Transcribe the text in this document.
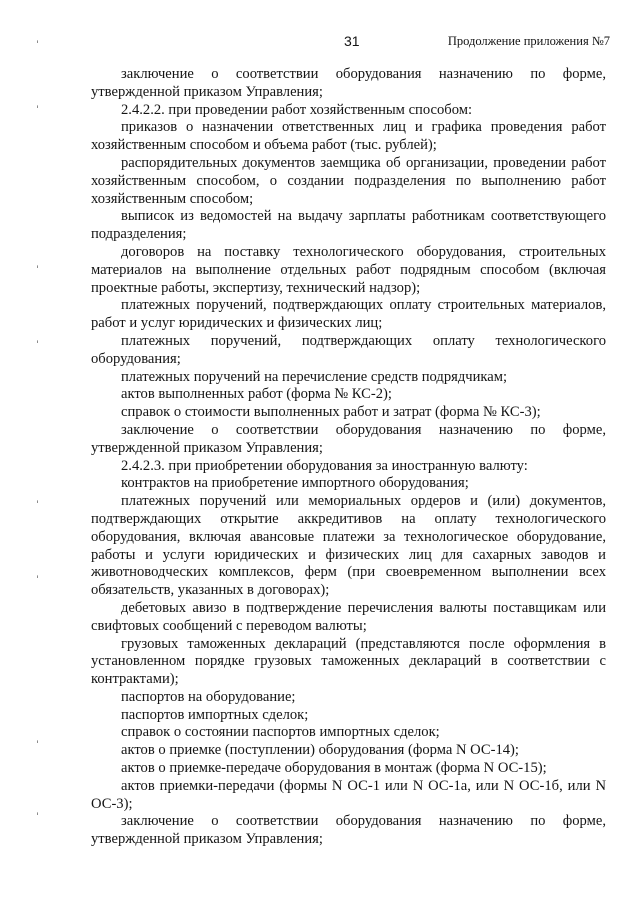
31	Продолжение приложения №7
ˈ
ˈ
ˈ
ˈ
ˈ
ˈ
ˈ
ˈ

заключение о соответствии оборудования назначению по форме, утвержденной приказом Управления;

2.4.2.2. при проведении работ хозяйственным способом:

приказов о назначении ответственных лиц и графика проведения работ хозяйственным способом и объема работ (тыс. рублей);

распорядительных документов заемщика об организации, проведении работ хозяйственным способом, о создании подразделения по выполнению работ хозяйственным способом;

выписок из ведомостей на выдачу зарплаты работникам соответствующего подразделения;

договоров на поставку технологического оборудования, строительных материалов на выполнение отдельных работ подрядным способом (включая проектные работы, экспертизу, технический надзор);

платежных поручений, подтверждающих оплату строительных материалов, работ и услуг юридических и физических лиц;

платежных поручений, подтверждающих оплату технологического оборудования;

платежных поручений на перечисление средств подрядчикам;

актов выполненных работ (форма № КС-2);

справок о стоимости выполненных работ и затрат (форма № КС-3);

заключение о соответствии оборудования назначению по форме, утвержденной приказом Управления;

2.4.2.3. при приобретении оборудования за иностранную валюту:

контрактов на приобретение импортного оборудования;

платежных поручений или мемориальных ордеров и (или) документов, подтверждающих открытие аккредитивов на оплату технологического оборудования, включая авансовые платежи за технологическое оборудование, работы и услуги юридических и физических лиц для сахарных заводов и животноводческих комплексов, ферм (при своевременном выполнении всех обязательств, указанных в договорах);

дебетовых авизо в подтверждение перечисления валюты поставщикам или свифтовых сообщений с переводом валюты;

грузовых таможенных деклараций (представляются после оформления в установленном порядке грузовых таможенных деклараций в соответствии с контрактами);

паспортов на оборудование;

паспортов импортных сделок;

справок о состоянии паспортов импортных сделок;

актов о приемке (поступлении) оборудования (форма N ОС-14);

актов о приемке-передаче оборудования в монтаж (форма N ОС-15);

актов приемки-передачи (формы N ОС-1 или N ОС-1а, или N ОС-1б, или N ОС-3);

заключение о соответствии оборудования назначению по форме, утвержденной приказом Управления;
